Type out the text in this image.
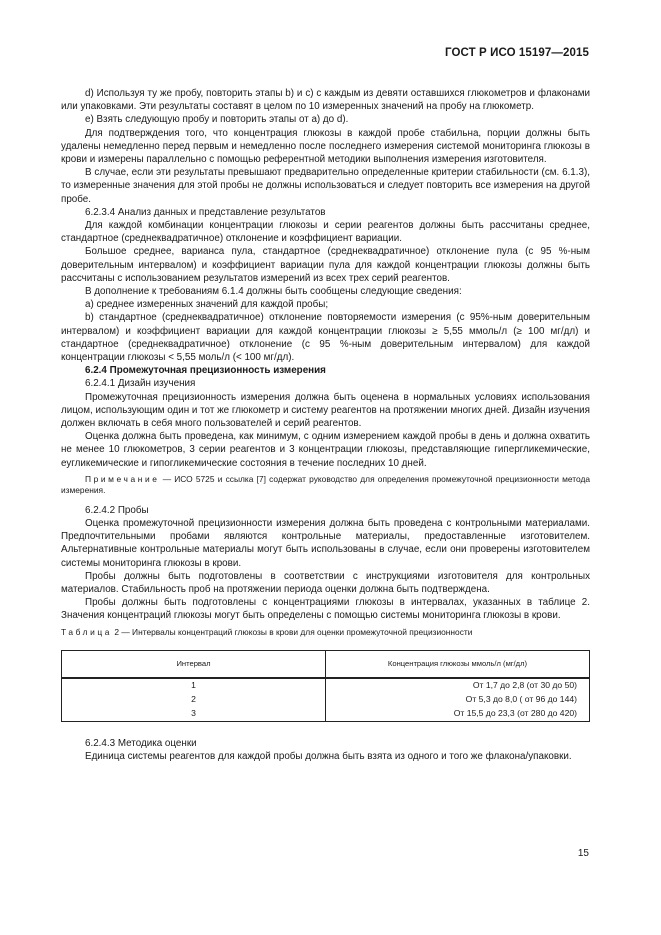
ГОСТ Р ИСО 15197—2015

d) Используя ту же пробу, повторить этапы b) и c) с каждым из девяти оставшихся глюкометров и флаконами или упаковками. Эти результаты составят в целом по 10 измеренных значений на пробу на глюкометр.

e) Взять следующую пробу и повторить этапы от a) до d).

Для подтверждения того, что концентрация глюкозы в каждой пробе стабильна, порции должны быть удалены немедленно перед первым и немедленно после последнего измерения системой мониторинга глюкозы в крови и измерены параллельно с помощью референтной методики выполнения измерения изготовителя.

В случае, если эти результаты превышают предварительно определенные критерии стабильности (см. 6.1.3), то измеренные значения для этой пробы не должны использоваться и следует повторить все измерения на другой пробе.

6.2.3.4 Анализ данных и представление результатов

Для каждой комбинации концентрации глюкозы и серии реагентов должны быть рассчитаны среднее, стандартное (среднеквадратичное) отклонение и коэффициент вариации.

Большое среднее, варианса пула, стандартное (среднеквадратичное) отклонение пула (с 95 %-ным доверительным интервалом) и коэффициент вариации пула для каждой концентрации глюкозы должны быть рассчитаны с использованием результатов измерений из всех трех серий реагентов.

В дополнение к требованиям 6.1.4 должны быть сообщены следующие сведения:

a) среднее измеренных значений для каждой пробы;

b) стандартное (среднеквадратичное) отклонение повторяемости измерения (с 95%-ным доверительным интервалом) и коэффициент вариации для каждой концентрации глюкозы ≥ 5,55 ммоль/л (≥ 100 мг/дл) и стандартное (среднеквадратичное) отклонение (с 95 %-ным доверительным интервалом) для каждой концентрации глюкозы < 5,55 моль/л (< 100 мг/дл).

6.2.4 Промежуточная прецизионность измерения

6.2.4.1 Дизайн изучения

Промежуточная прецизионность измерения должна быть оценена в нормальных условиях использования лицом, использующим один и тот же глюкометр и систему реагентов на протяжении многих дней. Дизайн изучения должен включать в себя много пользователей и серий реагентов.

Оценка должна быть проведена, как минимум, с одним измерением каждой пробы в день и должна охватить не менее 10 глюкометров, 3 серии реагентов и 3 концентрации глюкозы, представляющие гипергликемические, еугликемические и гипогликемические состояния в течение последних 10 дней.

Примечание — ИСО 5725 и ссылка [7] содержат руководство для определения промежуточной прецизионности метода измерения.

6.2.4.2 Пробы

Оценка промежуточной прецизионности измерения должна быть проведена с контрольными материалами. Предпочтительными пробами являются контрольные материалы, предоставленные изготовителем. Альтернативные контрольные материалы могут быть использованы в случае, если они проверены изготовителем системы мониторинга глюкозы в крови.

Пробы должны быть подготовлены в соответствии с инструкциями изготовителя для контрольных материалов. Стабильность проб на протяжении периода оценки должна быть подтверждена.

Пробы должны быть подготовлены с концентрациями глюкозы в интервалах, указанных в таблице 2. Значения концентраций глюкозы могут быть определены с помощью системы мониторинга глюкозы в крови.

Таблица 2 — Интервалы концентраций глюкозы в крови для оценки промежуточной прецизионности

Интервал	Концентрация глюкозы ммоль/л (мг/дл)
1	От 1,7 до 2,8 (от 30 до 50)
2	От 5,3 до 8,0 ( от 96 до 144)
3	От 15,5 до 23,3 (от 280 до 420)

6.2.4.3 Методика оценки

Единица системы реагентов для каждой пробы должна быть взята из одного и того же флакона/упаковки.

15
